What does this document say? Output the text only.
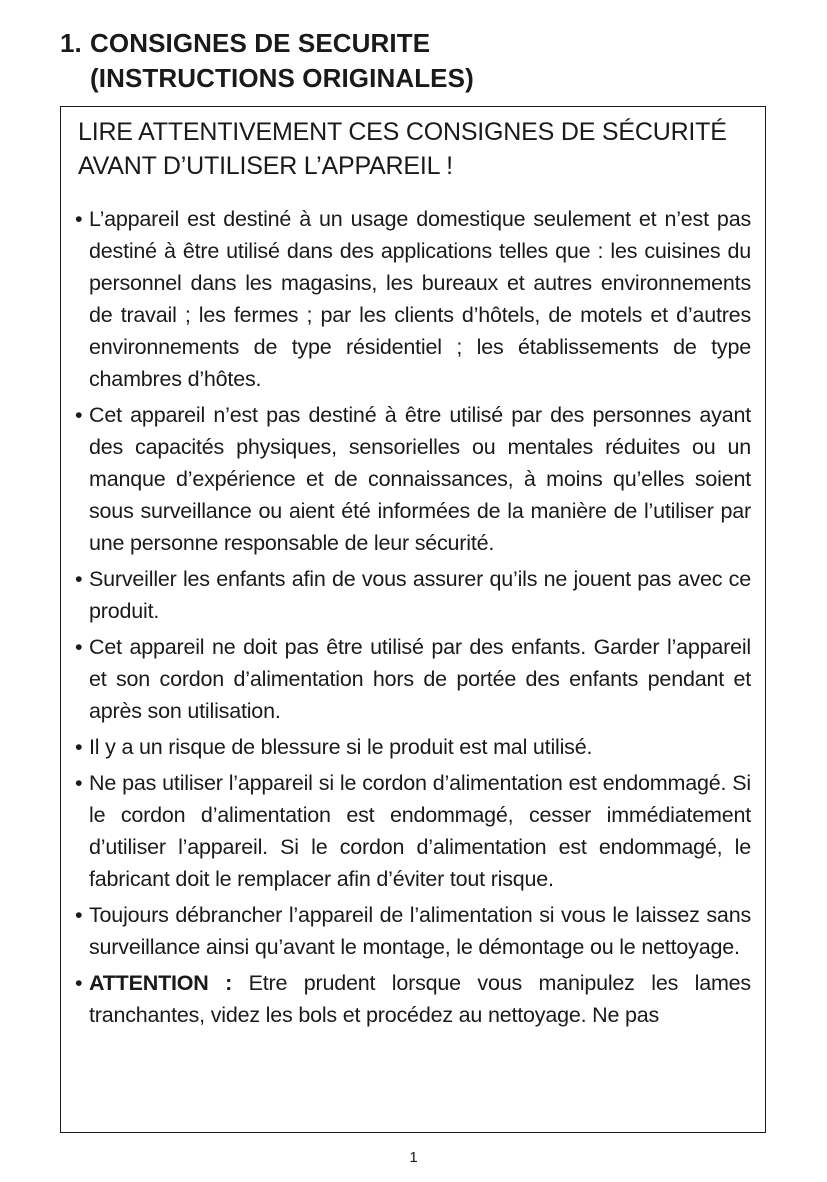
1. CONSIGNES DE SECURITE
(INSTRUCTIONS ORIGINALES)
LIRE ATTENTIVEMENT CES CONSIGNES DE SÉCURITÉ
AVANT D’UTILISER L’APPAREIL !
• L’appareil est destiné à un usage domestique seulement et n’est pas destiné à être utilisé dans des applications telles que : les cuisines du personnel dans les magasins, les bureaux et autres environnements de travail ; les fermes ; par les clients d’hôtels, de motels et d’autres environnements de type résidentiel ; les établissements de type chambres d’hôtes.
• Cet appareil n’est pas destiné à être utilisé par des personnes ayant des capacités physiques, sensorielles ou mentales réduites ou un manque d’expérience et de connaissances, à moins qu’elles soient sous surveillance ou aient été informées de la manière de l’utiliser par une personne responsable de leur sécurité.
• Surveiller les enfants afin de vous assurer qu’ils ne jouent pas avec ce produit.
• Cet appareil ne doit pas être utilisé par des enfants. Garder l’appareil et son cordon d’alimentation hors de portée des enfants pendant et après son utilisation.
• Il y a un risque de blessure si le produit est mal utilisé.
• Ne pas utiliser l’appareil si le cordon d’alimentation est endommagé. Si le cordon d’alimentation est endommagé, cesser immédiatement d’utiliser l’appareil. Si le cordon d’alimentation est endommagé, le fabricant doit le remplacer afin d’éviter tout risque.
• Toujours débrancher l’appareil de l’alimentation si vous le laissez sans surveillance ainsi qu’avant le montage, le démontage ou le nettoyage.
• ATTENTION : Etre prudent lorsque vous manipulez les lames tranchantes, videz les bols et procédez au nettoyage. Ne pas
1
